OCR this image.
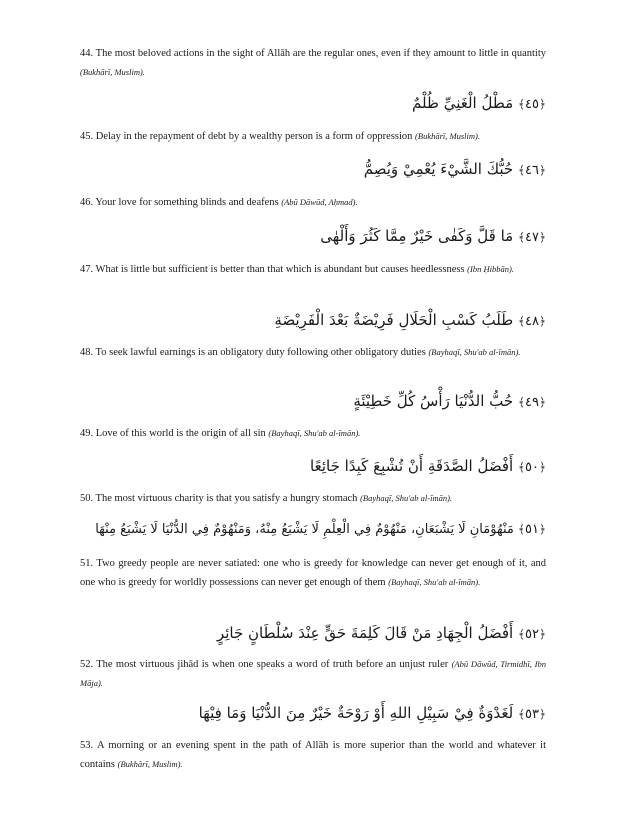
44. The most beloved actions in the sight of Allāh are the regular ones, even if they amount to little in quantity (Bukhārī, Muslim).
﴿٤٥﴾ مَطْلُ الْغَنِيِّ ظُلْمٌ
45. Delay in the repayment of debt by a wealthy person is a form of oppression (Bukhārī, Muslim).
﴿٤٦﴾ حُبُّكَ الشَّيْءَ يُعْمِيْ وَيُصِمُّ
46. Your love for something blinds and deafens (Abū Dāwūd, Aḥmad).
﴿٤٧﴾ مَا قَلَّ وَكَفٰى خَيْرٌ مِمَّا كَثُرَ وَأَلْهٰى
47. What is little but sufficient is better than that which is abundant but causes heedlessness (Ibn Ḥibbān).
﴿٤٨﴾ طَلَبُ كَسْبِ الْحَلَالِ فَرِيْضَةٌ بَعْدَ الْفَرِيْضَةِ
48. To seek lawful earnings is an obligatory duty following other obligatory duties (Bayhaqī, Shu'ab al-īmān).
﴿٤٩﴾ حُبُّ الدُّنْيَا رَأْسُ كُلِّ خَطِيْئَةٍ
49. Love of this world is the origin of all sin (Bayhaqī, Shu'ab al-īmān).
﴿٥٠﴾ أَفْضَلُ الصَّدَقَةِ أَنْ تُشْبِعَ كَبِدًا جَائِعًا
50. The most virtuous charity is that you satisfy a hungry stomach (Bayhaqī, Shu'ab al-īmān).
﴿٥١﴾ مَنْهُوْمَانِ لَا يَشْبَعَانِ، مَنْهُوْمٌ فِي الْعِلْمِ لَا يَشْبَعُ مِنْهُ، وَمَنْهُوْمٌ فِي الدُّنْيَا لَا يَشْبَعُ مِنْهَا
51. Two greedy people are never satiated: one who is greedy for knowledge can never get enough of it, and one who is greedy for worldly possessions can never get enough of them (Bayhaqī, Shu'ab al-īmān).
﴿٥٢﴾ أَفْضَلُ الْجِهَادِ مَنْ قَالَ كَلِمَةَ حَقٍّ عِنْدَ سُلْطَانٍ جَائِرٍ
52. The most virtuous jihād is when one speaks a word of truth before an unjust ruler (Abū Dāwūd, Tirmidhī, Ibn Māja).
﴿٥٣﴾ لَغَدْوَةٌ فِيْ سَبِيْلِ اللهِ أَوْ رَوْحَةٌ خَيْرٌ مِنَ الدُّنْيَا وَمَا فِيْهَا
53. A morning or an evening spent in the path of Allāh is more superior than the world and whatever it contains (Bukhārī, Muslim).
